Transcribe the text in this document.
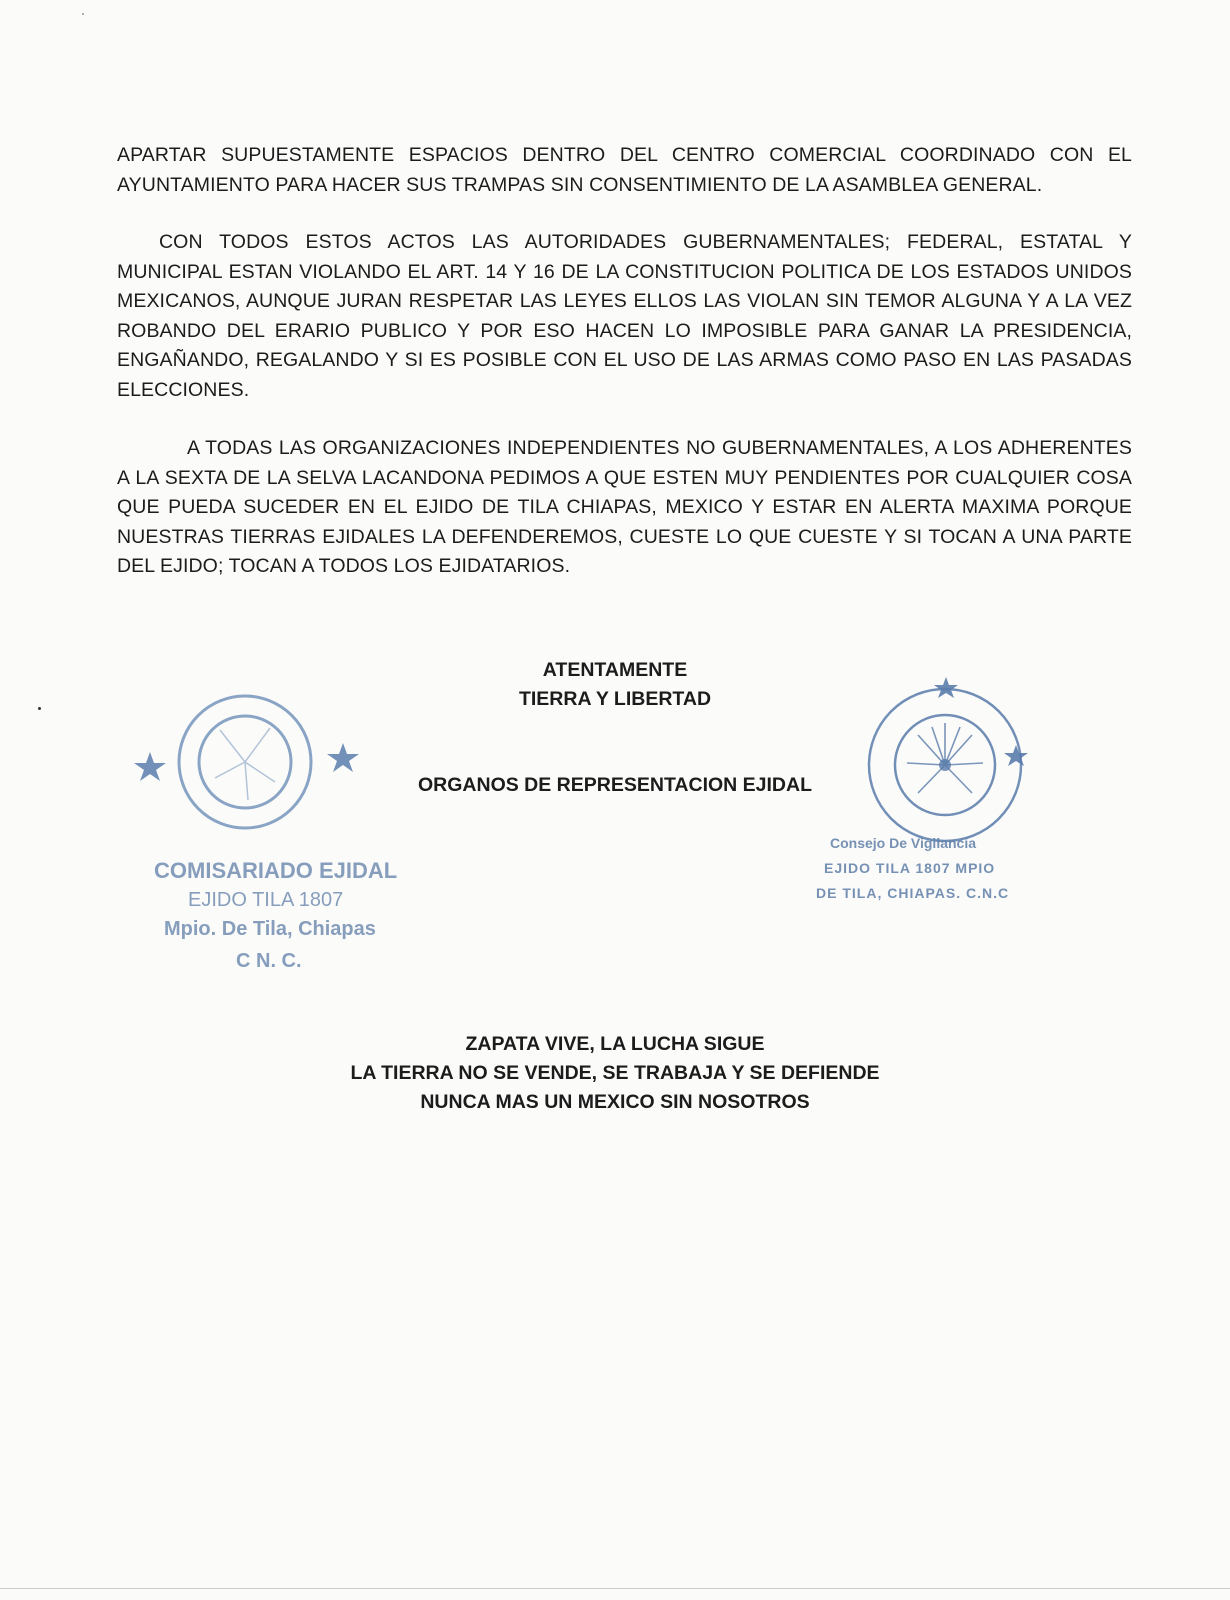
APARTAR SUPUESTAMENTE ESPACIOS DENTRO DEL CENTRO COMERCIAL COORDINADO CON EL AYUNTAMIENTO PARA HACER SUS TRAMPAS SIN CONSENTIMIENTO DE LA ASAMBLEA GENERAL.

CON TODOS ESTOS ACTOS LAS AUTORIDADES GUBERNAMENTALES; FEDERAL, ESTATAL Y MUNICIPAL ESTAN VIOLANDO EL ART. 14 Y 16 DE LA CONSTITUCION POLITICA DE LOS ESTADOS UNIDOS MEXICANOS, AUNQUE JURAN RESPETAR LAS LEYES ELLOS LAS VIOLAN SIN TEMOR ALGUNA Y A LA VEZ ROBANDO DEL ERARIO PUBLICO Y POR ESO HACEN LO IMPOSIBLE PARA GANAR LA PRESIDENCIA, ENGAÑANDO, REGALANDO Y SI ES POSIBLE CON EL USO DE LAS ARMAS COMO PASO EN LAS PASADAS ELECCIONES.

A TODAS LAS ORGANIZACIONES INDEPENDIENTES NO GUBERNAMENTALES, A LOS ADHERENTES A LA SEXTA DE LA SELVA LACANDONA PEDIMOS A QUE ESTEN MUY PENDIENTES POR CUALQUIER COSA QUE PUEDA SUCEDER EN EL EJIDO DE TILA CHIAPAS, MEXICO Y ESTAR EN ALERTA MAXIMA PORQUE NUESTRAS TIERRAS EJIDALES LA DEFENDEREMOS, CUESTE LO QUE CUESTE Y SI TOCAN A UNA PARTE DEL EJIDO; TOCAN A TODOS LOS EJIDATARIOS.

ATENTAMENTE

TIERRA Y LIBERTAD

ORGANOS DE REPRESENTACION EJIDAL

COMISARIADO EJIDAL
EJIDO TILA 1807
Mpio. De Tila, Chiapas
C N. C.
Consejo De Vigilancia
EJIDO TILA 1807 MPIO
DE TILA, CHIAPAS. C.N.C

ZAPATA VIVE, LA LUCHA SIGUE

LA TIERRA NO SE VENDE, SE TRABAJA Y SE DEFIENDE

NUNCA MAS UN MEXICO SIN NOSOTROS
